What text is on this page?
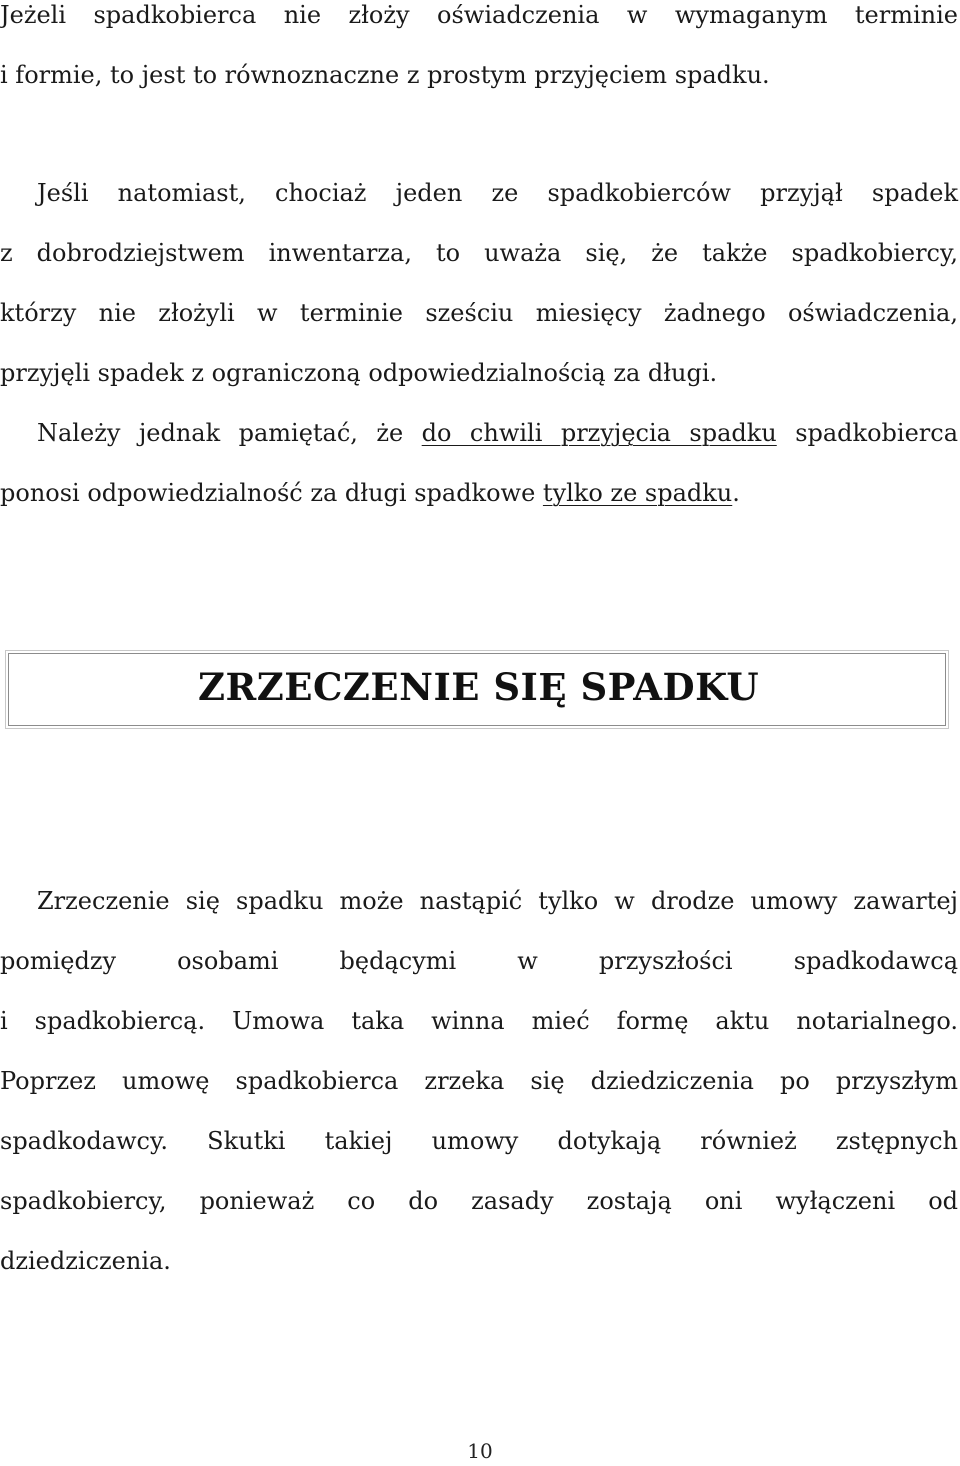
Jeżeli spadkobierca nie złoży oświadczenia w wymaganym terminie
i formie, to jest to równoznaczne z prostym przyjęciem spadku.
Jeśli natomiast, chociaż jeden ze spadkobierców przyjął spadek
z dobrodziejstwem inwentarza, to uważa się, że także spadkobiercy,
którzy nie złożyli w terminie sześciu miesięcy żadnego oświadczenia,
przyjęli spadek z ograniczoną odpowiedzialnością za długi.
Należy jednak pamiętać, że do chwili przyjęcia spadku spadkobierca
ponosi odpowiedzialność za długi spadkowe tylko ze spadku.
ZRZECZENIE SIĘ SPADKU
Zrzeczenie się spadku może nastąpić tylko w drodze umowy zawartej
pomiędzy osobami będącymi w przyszłości spadkodawcą
i spadkobiercą. Umowa taka winna mieć formę aktu notarialnego.
Poprzez umowę spadkobierca zrzeka się dziedziczenia po przyszłym
spadkodawcy. Skutki takiej umowy dotykają również zstępnych
spadkobiercy, ponieważ co do zasady zostają oni wyłączeni od
dziedziczenia.
10
